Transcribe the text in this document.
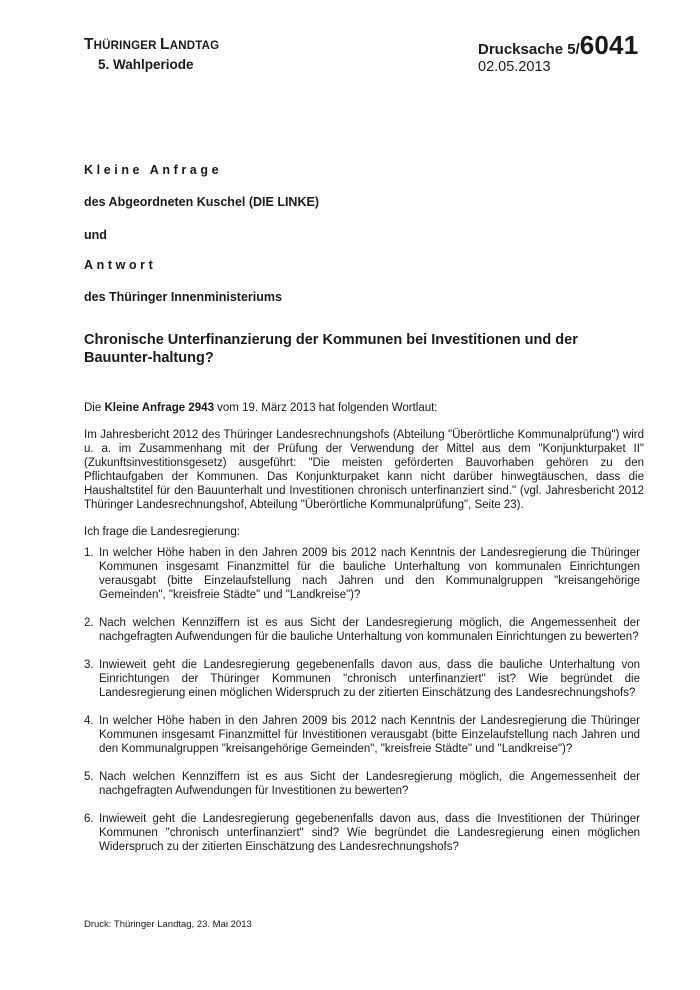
THÜRINGER LANDTAG
5. Wahlperiode
Drucksache 5/ 6041
02.05.2013
Kleine Anfrage
des Abgeordneten Kuschel (DIE LINKE)
und
Antwort
des Thüringer Innenministeriums
Chronische Unterfinanzierung der Kommunen bei Investitionen und der Bauunter-haltung?
Die Kleine Anfrage 2943 vom 19. März 2013 hat folgenden Wortlaut:
Im Jahresbericht 2012 des Thüringer Landesrechnungshofs (Abteilung "Überörtliche Kommunalprüfung") wird u. a. im Zusammenhang mit der Prüfung der Verwendung der Mittel aus dem "Konjunkturpaket II" (Zukunftsinvestitionsgesetz) ausgeführt: "Die meisten geförderten Bauvorhaben gehören zu den Pflichtaufgaben der Kommunen. Das Konjunkturpaket kann nicht darüber hinwegtäuschen, dass die Haushaltstitel für den Bauunterhalt und Investitionen chronisch unterfinanziert sind." (vgl. Jahresbericht 2012 Thüringer Landesrechnungshof, Abteilung "Überörtliche Kommunalprüfung", Seite 23).
Ich frage die Landesregierung:
1. In welcher Höhe haben in den Jahren 2009 bis 2012 nach Kenntnis der Landesregierung die Thüringer Kommunen insgesamt Finanzmittel für die bauliche Unterhaltung von kommunalen Einrichtungen verausgabt (bitte Einzelaufstellung nach Jahren und den Kommunalgruppen "kreisangehörige Gemeinden", "kreisfreie Städte" und "Landkreise")?
2. Nach welchen Kennziffern ist es aus Sicht der Landesregierung möglich, die Angemessenheit der nachgefragten Aufwendungen für die bauliche Unterhaltung von kommunalen Einrichtungen zu bewerten?
3. Inwieweit geht die Landesregierung gegebenenfalls davon aus, dass die bauliche Unterhaltung von Einrichtungen der Thüringer Kommunen "chronisch unterfinanziert" ist? Wie begründet die Landesregierung einen möglichen Widerspruch zu der zitierten Einschätzung des Landesrechnungshofs?
4. In welcher Höhe haben in den Jahren 2009 bis 2012 nach Kenntnis der Landesregierung die Thüringer Kommunen insgesamt Finanzmittel für Investitionen verausgabt (bitte Einzelaufstellung nach Jahren und den Kommunalgruppen "kreisangehörige Gemeinden", "kreisfreie Städte" und "Landkreise")?
5. Nach welchen Kennziffern ist es aus Sicht der Landesregierung möglich, die Angemessenheit der nachgefragten Aufwendungen für Investitionen zu bewerten?
6. Inwieweit geht die Landesregierung gegebenenfalls davon aus, dass die Investitionen der Thüringer Kommunen "chronisch unterfinanziert" sind? Wie begründet die Landesregierung einen möglichen Widerspruch zu der zitierten Einschätzung des Landesrechnungshofs?
Druck: Thüringer Landtag, 23. Mai 2013
